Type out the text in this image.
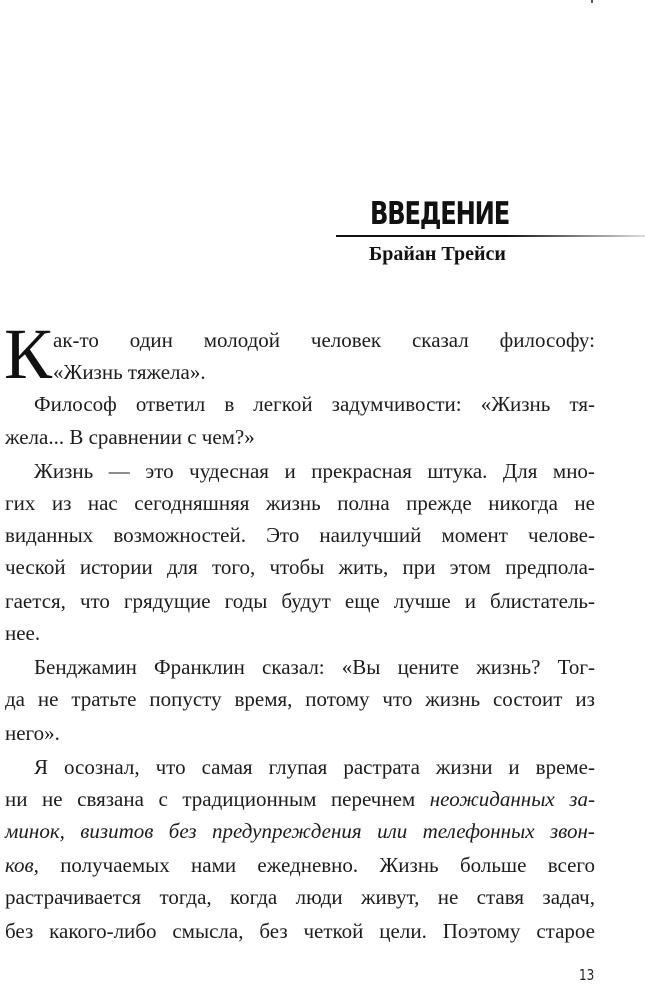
ВВЕДЕНИЕ
Брайан Трейси
К ак-то один молодой человек сказал философу:
«Жизнь тяжела».
Философ ответил в легкой задумчивости: «Жизнь тя-
жела... В сравнении с чем?»
Жизнь — это чудесная и прекрасная штука. Для мно-
гих из нас сегодняшняя жизнь полна прежде никогда не
виданных возможностей. Это наилучший момент челове-
ческой истории для того, чтобы жить, при этом предпола-
гается, что грядущие годы будут еще лучше и блистатель-
нее.
Бенджамин Франклин сказал: «Вы цените жизнь? Тог-
да не тратьте попусту время, потому что жизнь состоит из
него».
Я осознал, что самая глупая растрата жизни и време-
ни не связана с традиционным перечнем неожиданных за-
минок, визитов без предупреждения или телефонных звон-
ков, получаемых нами ежедневно. Жизнь больше всего
растрачивается тогда, когда люди живут, не ставя задач,
без какого-либо смысла, без четкой цели. Поэтому старое
13
